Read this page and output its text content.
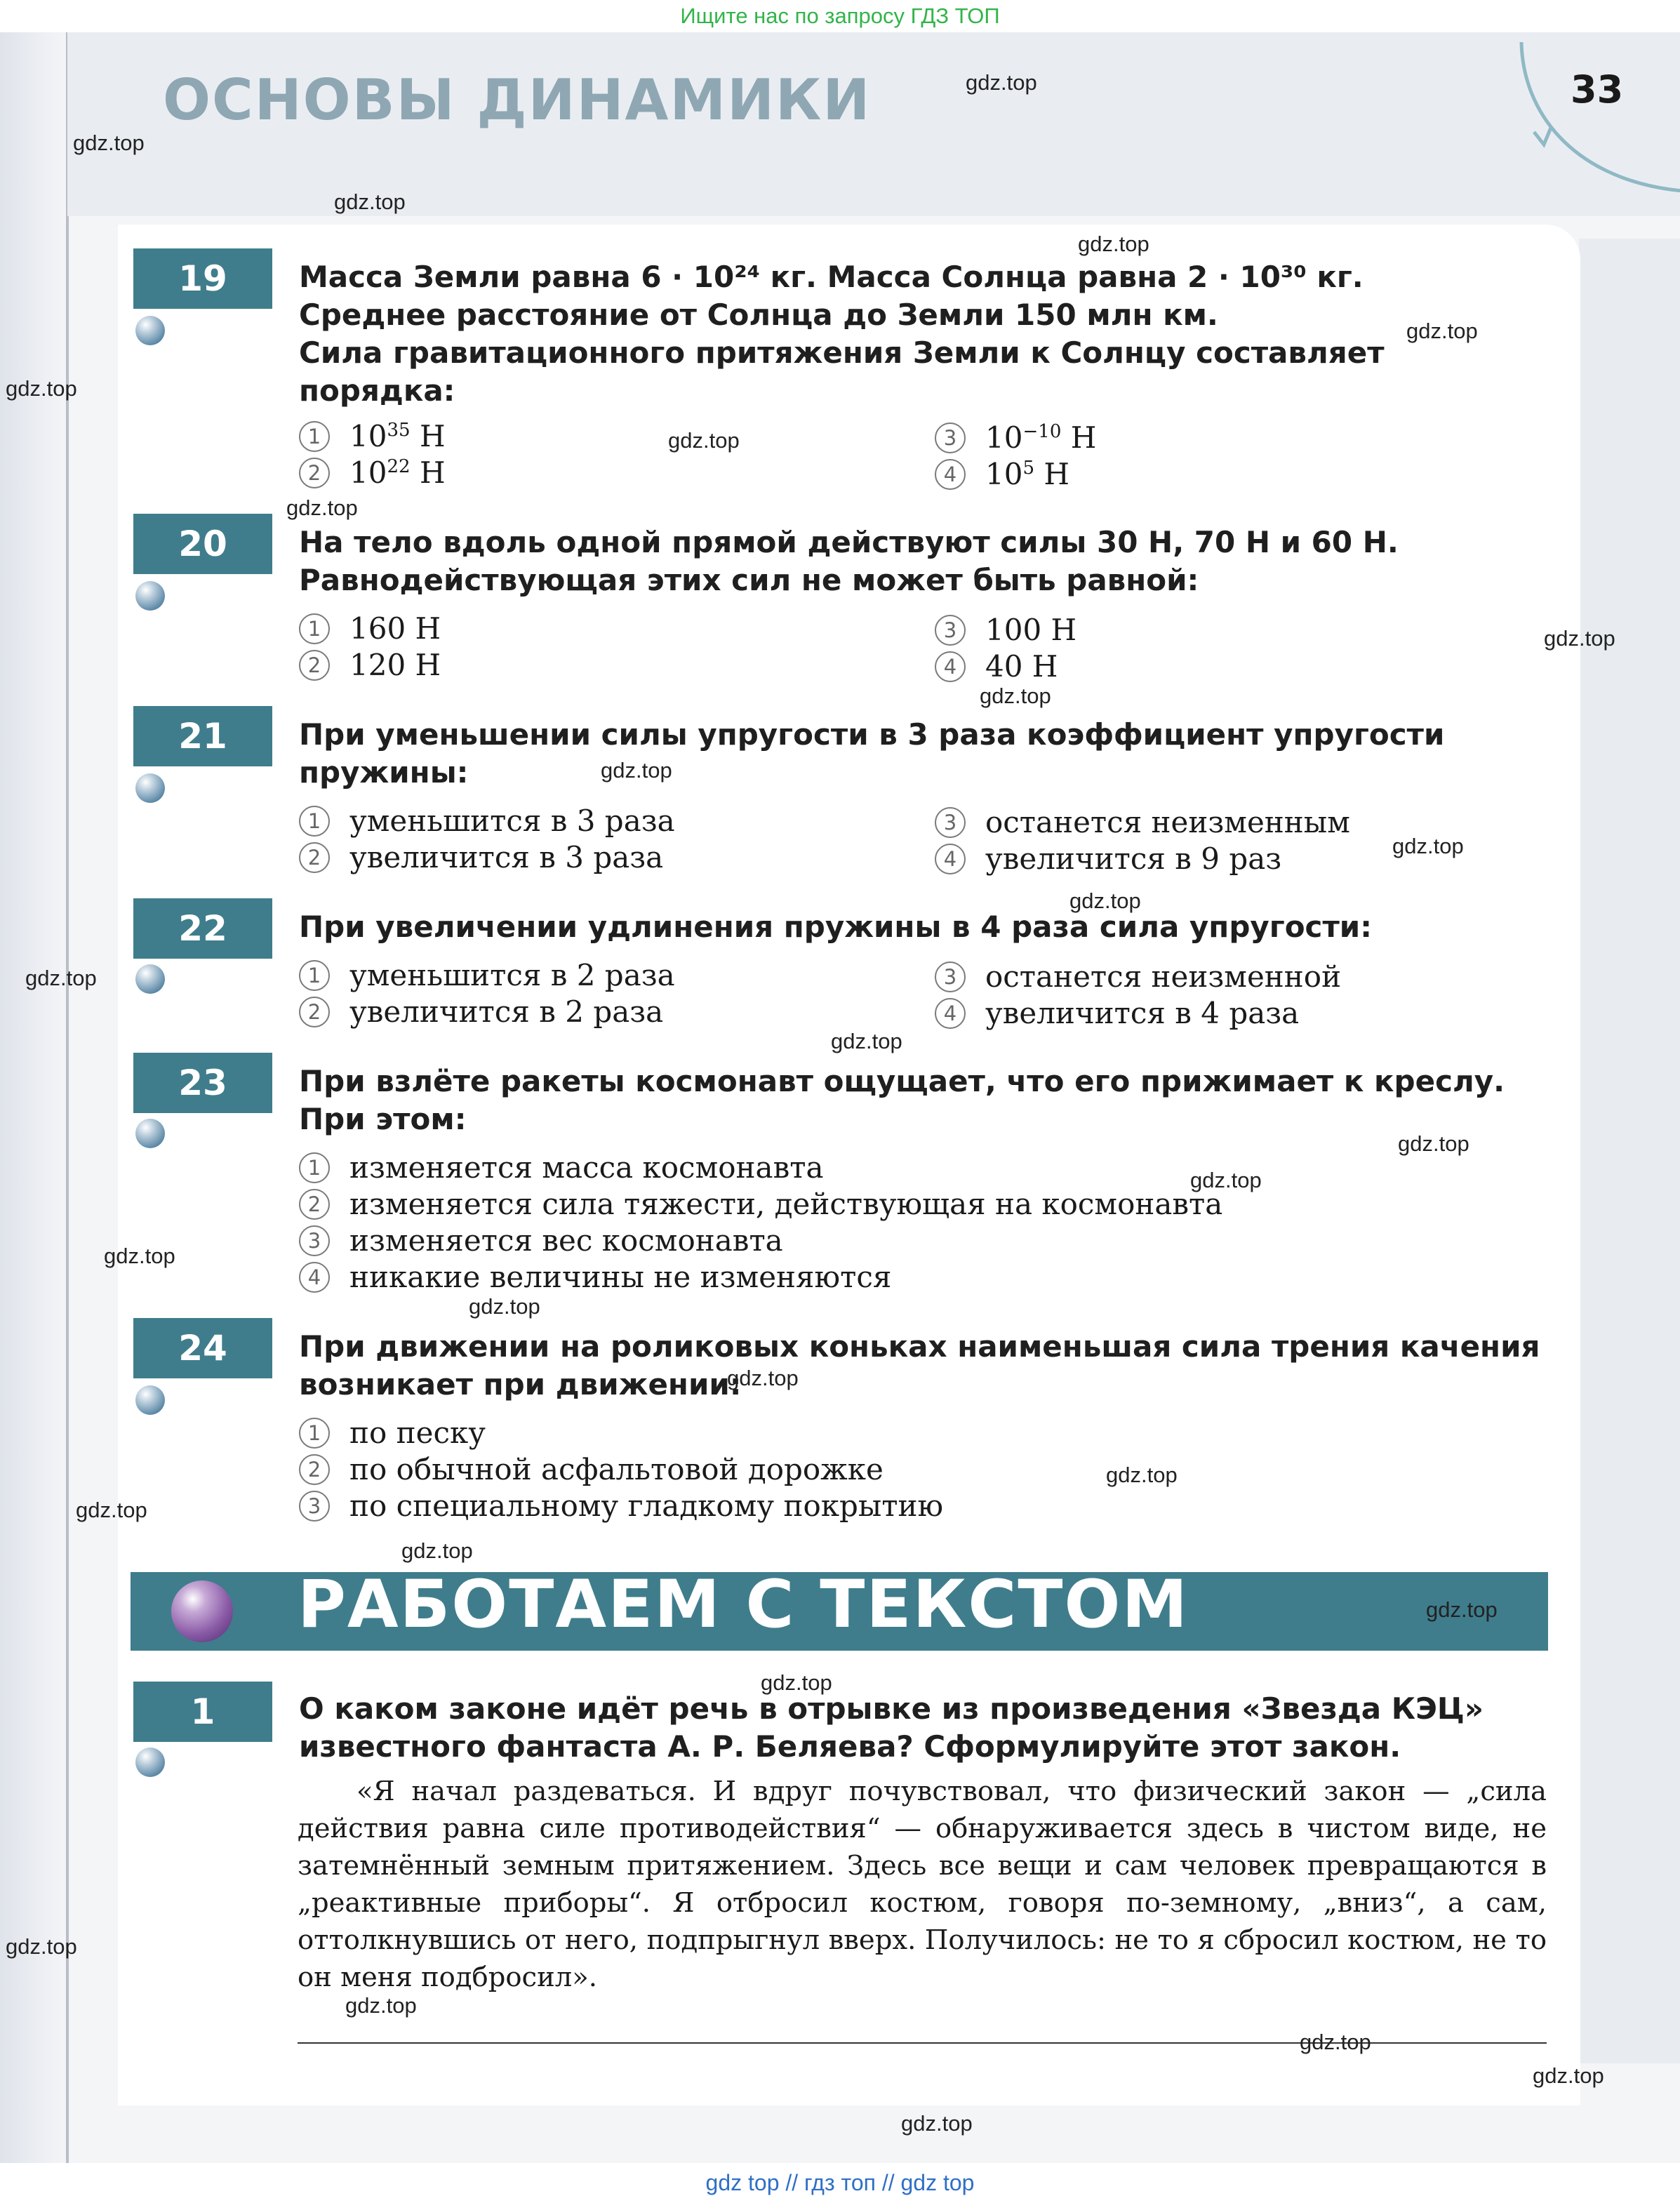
Ищите нас по запросу ГДЗ ТОП
ОСНОВЫ ДИНАМИКИ	33
19	Масса Земли равна 6 · 10²⁴ кг. Масса Солнца равна 2 · 10³⁰ кг.
Среднее расстояние от Солнца до Земли 150 млн км.
Сила гравитационного притяжения Земли к Солнцу составляет
порядка:
1 $10^{35}$ Н
2 $10^{22}$ Н
3 $10^{-10}$ Н
4 $10^5$ Н
20	На тело вдоль одной прямой действуют силы 30 Н, 70 Н и 60 Н.
Равнодействующая этих сил не может быть равной:
1 160 Н
2 120 Н
3 100 Н
4 40 Н
21	При уменьшении силы упругости в 3 раза коэффициент упругости
пружины:
1 уменьшится в 3 раза
2 увеличится в 3 раза
3 останется неизменным
4 увеличится в 9 раз
22	При увеличении удлинения пружины в 4 раза сила упругости:
1 уменьшится в 2 раза
2 увеличится в 2 раза
3 останется неизменной
4 увеличится в 4 раза
23	При взлёте ракеты космонавт ощущает, что его прижимает к креслу.
При этом:
1 изменяется масса космонавта
2 изменяется сила тяжести, действующая на космонавта
3 изменяется вес космонавта
4 никакие величины не изменяются
24	При движении на роликовых коньках наименьшая сила трения качения
возникает при движении:
1 по песку
2 по обычной асфальтовой дорожке
3 по специальному гладкому покрытию
РАБОТАЕМ С ТЕКСТОМ
1	О каком законе идёт речь в отрывке из произведения «Звезда КЭЦ»
известного фантаста А. Р. Беляева? Сформулируйте этот закон.

«Я начал раздеваться. И вдруг почувствовал, что физический закон — „сила действия равна силе противодействия“ — обнаруживается здесь в чистом виде, не затемнённый земным притяжением. Здесь все вещи и сам человек превращаются в „реактивные приборы“. Я отбросил костюм, говоря по-земному, „вниз“, а сам, оттолкнувшись от него, подпрыгнул вверх. Получилось: не то я сбросил костюм, не то он меня подбросил».

gdz.top
gdz.top
gdz.top
gdz.top
gdz.top
gdz.top
gdz.top
gdz.top
gdz.top
gdz.top
gdz.top
gdz.top
gdz.top
gdz.top
gdz.top
gdz.top
gdz.top
gdz.top
gdz.top
gdz.top
gdz.top
gdz.top
gdz.top
gdz.top
gdz.top
gdz.top
gdz.top
gdz.top
gdz.top
gdz.top
gdz top // гдз топ // gdz top
